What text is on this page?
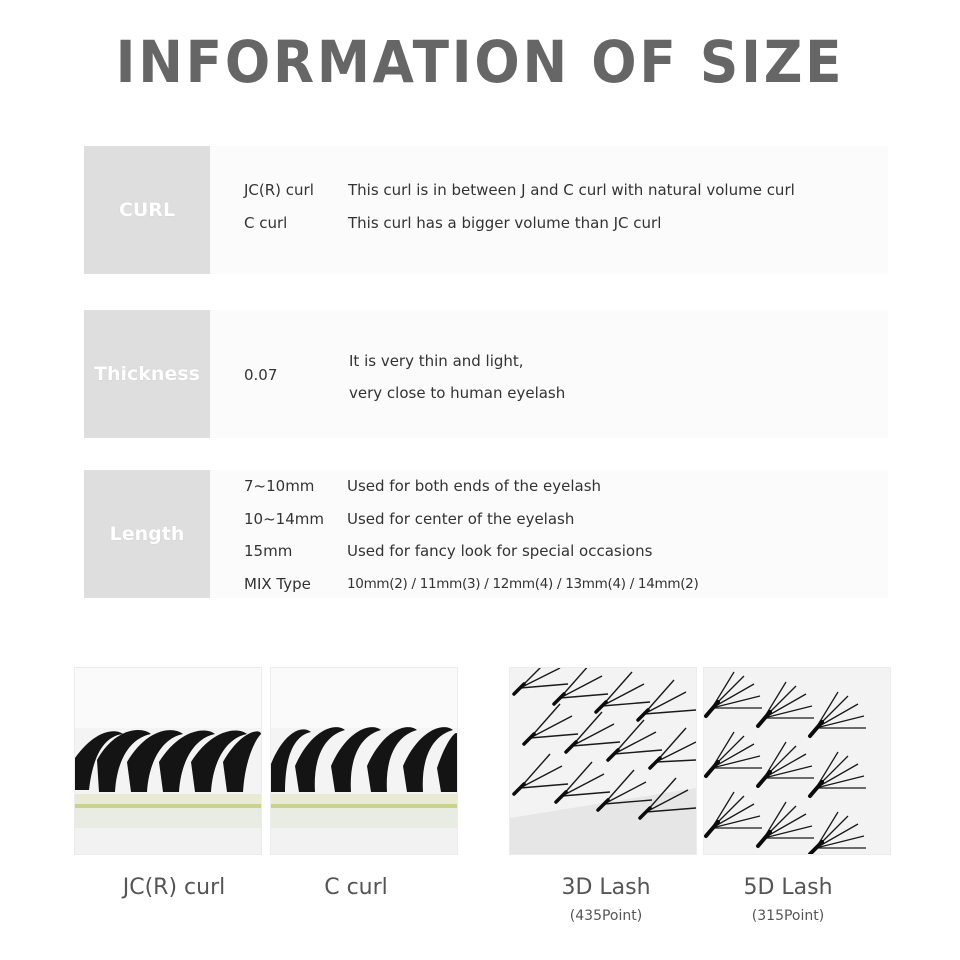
INFORMATION OF SIZE
CURL
JC(R) curl This curl is in between J and C curl with natural volume curl
C curl	This curl has a bigger volume than JC curl
Thickness	0.07
It is very thin and light,
very close to human eyelash
Length
7~10mm Used for both ends of the eyelash
10~14mm Used for center of the eyelash
15mm	Used for fancy look for special occasions
MIX Type	10mm(2) / 11mm(3) / 12mm(4) / 13mm(4) / 14mm(2)
JC(R) curl	C curl	3D Lash
(435Point)
5D Lash
(315Point)
